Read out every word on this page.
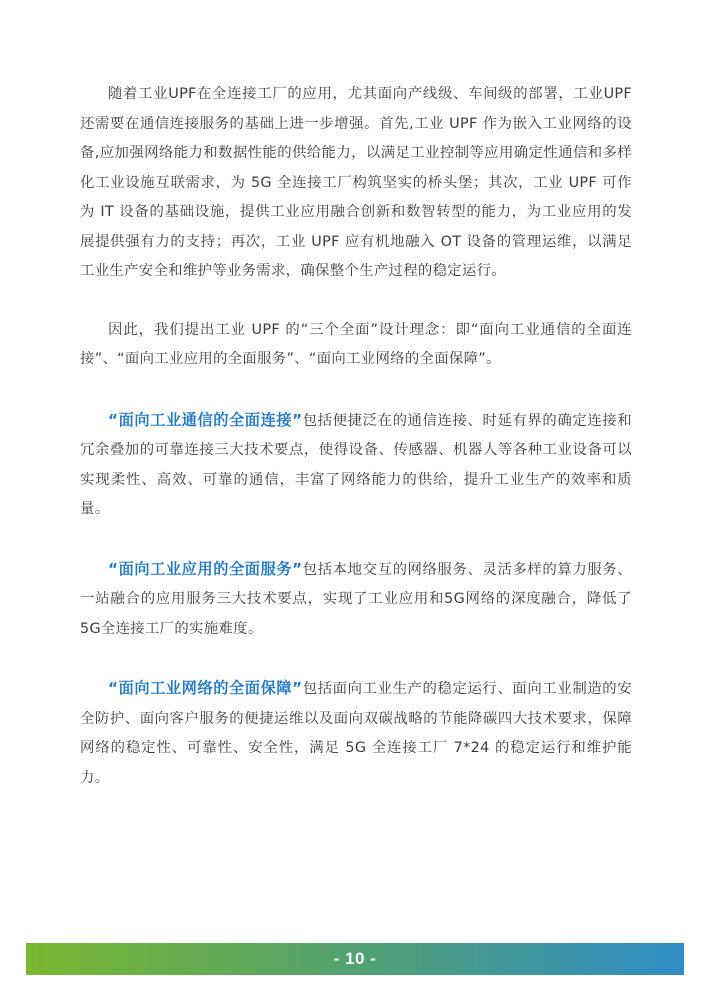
随着工业UPF在全连接工厂的应用，尤其面向产线级、车间级的部署，工业UPF还需要在通信连接服务的基础上进一步增强。首先,工业 UPF 作为嵌入工业网络的设备,应加强网络能力和数据性能的供给能力，以满足工业控制等应用确定性通信和多样化工业设施互联需求，为 5G 全连接工厂构筑坚实的桥头堡；其次，工业 UPF 可作为 IT 设备的基础设施，提供工业应用融合创新和数智转型的能力，为工业应用的发展提供强有力的支持；再次，工业 UPF 应有机地融入 OT 设备的管理运维，以满足工业生产安全和维护等业务需求，确保整个生产过程的稳定运行。

因此，我们提出工业 UPF 的“三个全面”设计理念：即“面向工业通信的全面连接”、“面向工业应用的全面服务”、“面向工业网络的全面保障”。

“面向工业通信的全面连接”包括便捷泛在的通信连接、时延有界的确定连接和冗余叠加的可靠连接三大技术要点，使得设备、传感器、机器人等各种工业设备可以实现柔性、高效、可靠的通信，丰富了网络能力的供给，提升工业生产的效率和质量。

“面向工业应用的全面服务”包括本地交互的网络服务、灵活多样的算力服务、一站融合的应用服务三大技术要点，实现了工业应用和5G网络的深度融合，降低了5G全连接工厂的实施难度。

“面向工业网络的全面保障”包括面向工业生产的稳定运行、面向工业制造的安全防护、面向客户服务的便捷运维以及面向双碳战略的节能降碳四大技术要求，保障网络的稳定性、可靠性、安全性，满足 5G 全连接工厂 7*24 的稳定运行和维护能力。

- 10 -
